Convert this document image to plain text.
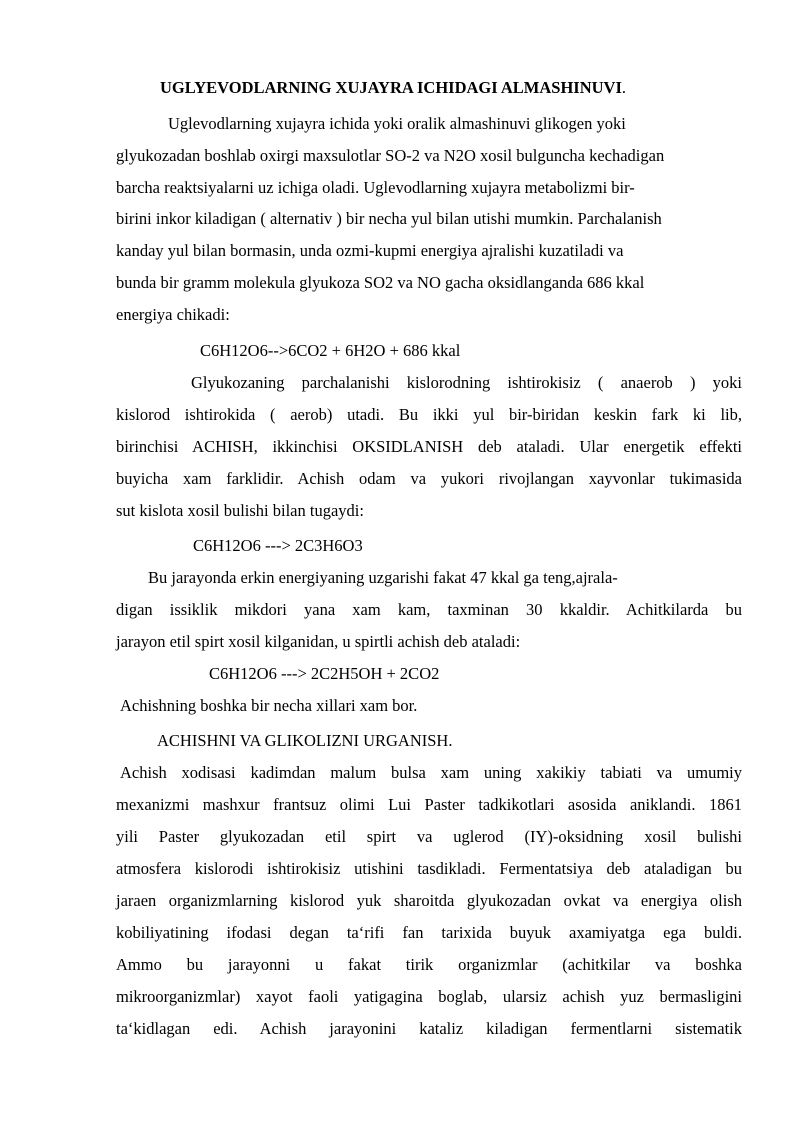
UGLYEVODLARNING XUJAYRA ICHIDAGI ALMASHINUVI.
Uglevodlarning xujayra ichida yoki oralik almashinuvi glikogen yoki
glyukozadan boshlab oxirgi maxsulotlar SO-2 va N2O xosil bulguncha kechadigan
barcha reaktsiyalarni uz ichiga oladi. Uglevodlarning xujayra metabolizmi bir-
birini inkor kiladigan ( alternativ ) bir necha yul bilan utishi mumkin. Parchalanish
kanday yul bilan bormasin, unda ozmi-kupmi energiya ajralishi kuzatiladi va
bunda bir gramm molekula glyukoza SO2 va NO gacha oksidlanganda 686 kkal
energiya chikadi:
C6H12O6-->6CO2 + 6H2O + 686 kkal
Glyukozaning parchalanishi kislorodning ishtirokisiz ( anaerob ) yoki
kislorod ishtirokida ( aerob) utadi. Bu ikki yul bir-biridan keskin fark ki lib,
birinchisi ACHISH, ikkinchisi OKSIDLANISH deb ataladi. Ular energetik effekti
buyicha xam farklidir. Achish odam va yukori rivojlangan xayvonlar tukimasida
sut kislota xosil bulishi bilan tugaydi:
C6H12O6 ---> 2C3H6O3
Bu jarayonda erkin energiyaning uzgarishi fakat 47 kkal ga teng,ajrala-
digan issiklik mikdori yana xam kam, taxminan 30 kkaldir. Achitkilarda bu
jarayon etil spirt xosil kilganidan, u spirtli achish deb ataladi:
C6H12O6 ---> 2C2H5OH + 2CO2
Achishning boshka bir necha xillari xam bor.
ACHISHNI VA GLIKOLIZNI URGANISH.
Achish xodisasi kadimdan malum bulsa xam uning xakikiy tabiati va umumiy
mexanizmi mashxur frantsuz olimi Lui Paster tadkikotlari asosida aniklandi. 1861
yili Paster glyukozadan etil spirt va uglerod (IY)-oksidning xosil bulishi
atmosfera kislorodi ishtirokisiz utishini tasdikladi. Fermentatsiya deb ataladigan bu
jaraen organizmlarning kislorod yuk sharoitda glyukozadan ovkat va energiya olish
kobiliyatining ifodasi degan ta‘rifi fan tarixida buyuk axamiyatga ega buldi.
Ammo bu jarayonni u fakat tirik organizmlar (achitkilar va boshka
mikroorganizmlar) xayot faoli yatigagina boglab, ularsiz achish yuz bermasligini
ta‘kidlagan edi. Achish jarayonini kataliz kiladigan fermentlarni sistematik
